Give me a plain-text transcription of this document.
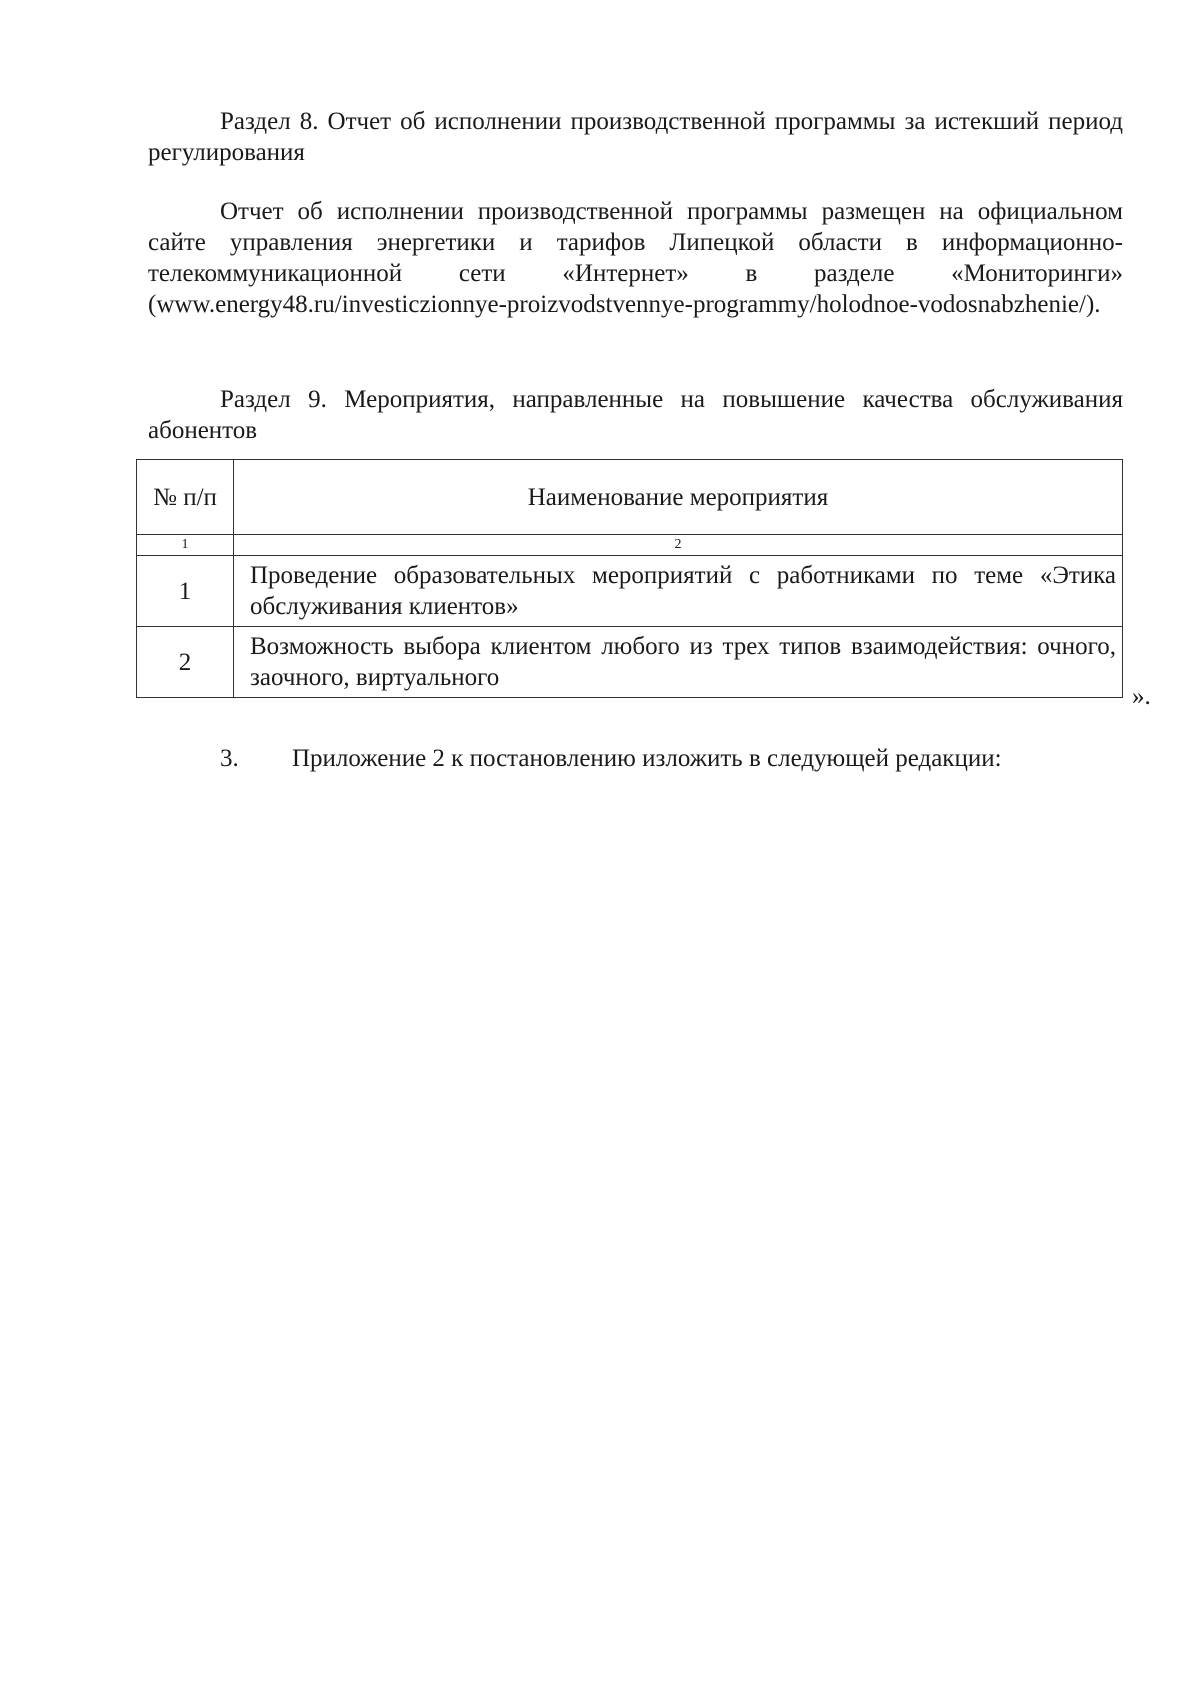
Раздел 8. Отчет об исполнении производственной программы за истекший период регулирования
Отчет об исполнении производственной программы размещен на официальном сайте управления энергетики и тарифов Липецкой области в информационно-телекоммуникационной сети «Интернет» в разделе «Мониторинги» (www.energy48.ru/investiczionnye-proizvodstvennye-programmy/holodnoe-vodosnabzhenie/).
Раздел 9. Мероприятия, направленные на повышение качества обслуживания абонентов
№ п/п	Наименование мероприятия
1	2
1	Проведение образовательных мероприятий с работниками по теме «Этика обслуживания клиентов»
2	Возможность выбора клиентом любого из трех типов взаимодействия: очного, заочного, виртуального
».
3. Приложение 2 к постановлению изложить в следующей редакции:
